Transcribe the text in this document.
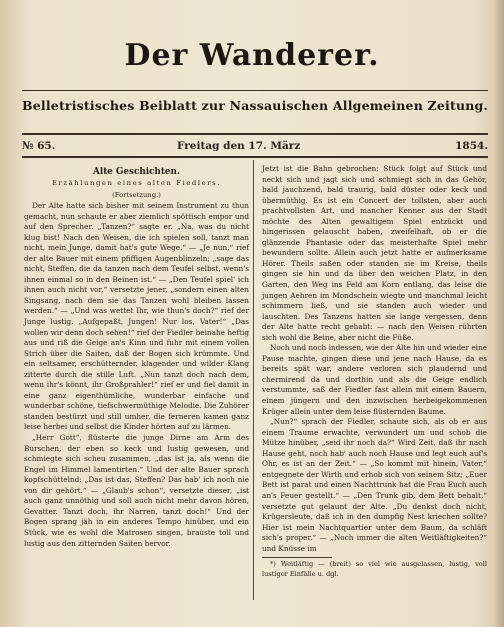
Der Wanderer.
Belletristisches Beiblatt zur Nassauischen Allgemeinen Zeitung.
№ 65.	Freitag den 17. März	1854.
Alte Geschichten.
Erzählungen eines alten Fiedlers.
(Fortsetzung.)

Der Alte hatte sich bisher mit seinem Instrument zu thun gemacht, nun schaute er aber ziemlich spöttisch empor und auf den Sprecher. „Tanzen?“ sagte er. „Na, was du nicht klug bist! Nach den Weisen, die ich spielen soll, tanzt man nicht, mein Junge, damit hat's gute Wege.“ — „Je nun,“ rief der alte Bauer mit einem pfiffigen Augenblinzeln; „sage das nicht, Steffen, die da tanzen nach dem Teufel selbst, wenn's ihnen einmal so in den Beinen ist.“ — „Den Teufel spiel' ich ihnen auch nicht vor,“ versetzte jener, „sondern einen alten Singsang, nach dem sie das Tanzen wohl bleiben lassen werden.“ — „Und was wettet Ihr, wie thun's doch?“ rief der Junge lustig. „Aufgepaßt, Jungen! Nur los, Vater!“ „Das wollen wir denn doch sehen!“ rief der Fiedler beinahe heftig aus und riß die Geige an's Kinn und fuhr mit einem vollen Strich über die Saiten, daß der Bogen sich krümmte. Und ein seltsamer, erschütternder, klagender und wilder Klang zitterte durch die stille Luft. „Nun tanzt doch nach dem, wenn ihr's könnt, ihr Großprahler!“ rief er und fiel damit in eine ganz eigenthümliche, wunderbar einfache und wunderbar schöne, tiefschwermüthige Melodie. Die Zuhörer standen bestürzt und still umher, die ferneren kamen ganz leise herbei und selbst die Kinder hörten auf zu lärmen.

„Herr Gott“, flüsterte die junge Dirne am Arm des Burschen, der eben so keck und lustig gewesen, und schmiegte sich scheu zusammen, „das ist ja, als wenn die Engel im Himmel lamentirten.“ Und der alte Bauer sprach kopfschüttelnd: „Das ist das, Steffen? Das hab' ich noch nie von dir gehört.“ — „Glaub's schon“, versetzte dieser, „ist auch ganz unnöthig und soll auch nicht mehr davon hören, Gevatter. Tanzt doch, ihr Narren, tanzt doch!“ Und der Bogen sprang jäh in ein anderes Tempo hinüber, und ein Stück, wie es wohl die Matrosen singen, brauste toll und lustig aus den zitternden Saiten hervor.

Jetzt ist die Bahn gebrochen; Stück folgt auf Stück und neckt sich und jagt sich und schmiegt sich in das Gehör, bald jauchzend, bald traurig, bald düster oder keck und übermüthig. Es ist ein Concert der tollsten, aber auch prachtvollsten Art, und mancher Kenner aus der Stadt möchte des Alten gewaltigem Spiel entzückt und hingerissen gelauscht haben, zweifelhaft, ob er die glänzende Phantasie oder das meisterhafte Spiel mehr bewundern sollte. Allein auch jetzt hatte er aufmerksame Hörer. Theils saßen oder standen sie im Kreise, theils gingen sie hin und da über den weichen Platz, in den Garten, den Weg ins Feld am Korn entlang, das leise die jungen Aehren im Mondschein wiegte und manchmal leicht schimmern ließ, und sie standen auch wieder und lauschten. Des Tanzens hatten sie lange vergessen, denn der Alte hatte recht gehabt: — nach den Weisen rührten sich wohl die Beine, aber nicht die Füße.

Noch und noch indessen, wie der Alte hin und wieder eine Pause machte, gingen diese und jene nach Hause, da es bereits spät war, andere verloren sich plaudernd und chermirend da und dorthin und als die Geige endlich verstummte, saß der Fiedler fast allein mit einem Bauern, einem jüngern und den inzwischen herbeigekommenen Krüger allein unter dem leise flüsternden Baume.

„Nun?“ sprach der Fiedler, schaute sich, als ob er aus einem Traume erwachte, verwundert um und schob die Mütze hinüber, „seid ihr noch da?“ Wird Zeit, daß ihr nach Hause geht, noch hab' auch noch Hause und legt euch auf's Ohr, es ist an der Zeit.“ — „So kommt mit hinein, Vater,“ entgegnete der Wirth und erhob sich von seinem Sitz; „Euer Bett ist parat und einen Nachttrunk hat die Frau Euch auch an's Feuer gestellt.“ — „Den Trunk gib, dem Bett behalt,“ versetzte gut gelaunt der Alte. „Du denkst doch nicht, Krügersleute, daß ich in den dumpfig Nest kriechen sollte? Hier ist mein Nachtquartier unter dem Baum, da schläft sich's proper.“ — „Noch immer die alten Weitläftigkeiten?“ und Knüsse im

*) Weitläftig — (breit) so viel wie ausgelassen, lustig, voll lustiger Einfälle u. dgl.
